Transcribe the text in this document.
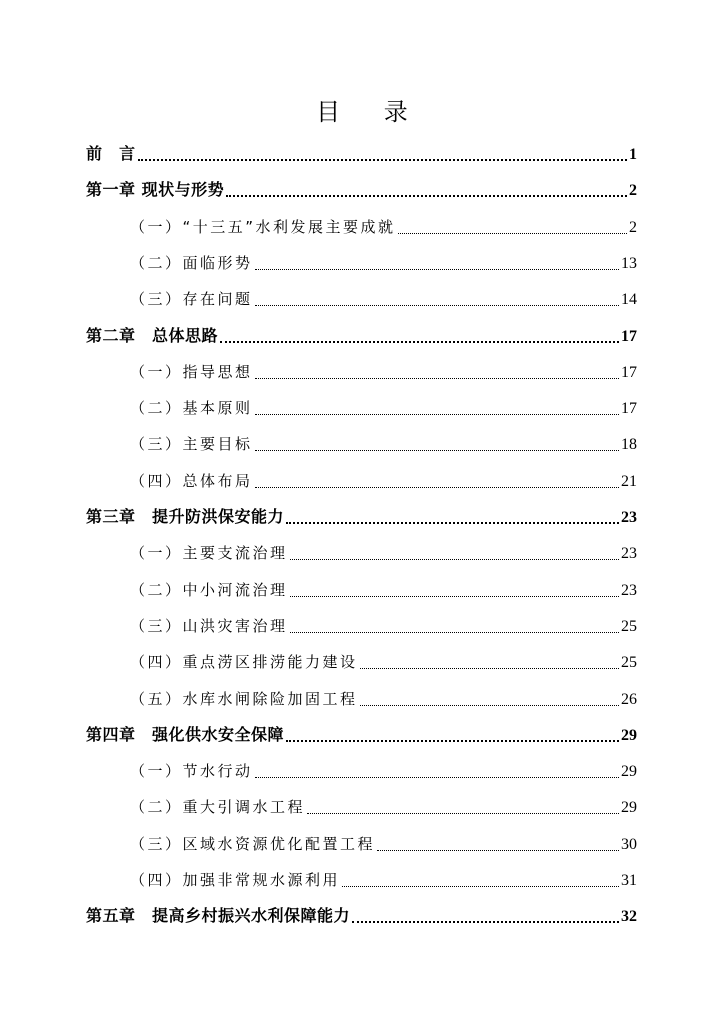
目 录
前　言	1
第一章 现状与形势	2
（一）“十三五”水利发展主要成就	2
（二）面临形势	13
（三）存在问题	14
第二章　总体思路	17
（一）指导思想	17
（二）基本原则	17
（三）主要目标	18
（四）总体布局	21
第三章　提升防洪保安能力	23
（一）主要支流治理	23
（二）中小河流治理	23
（三）山洪灾害治理	25
（四）重点涝区排涝能力建设	25
（五）水库水闸除险加固工程	26
第四章　强化供水安全保障	29
（一）节水行动	29
（二）重大引调水工程	29
（三）区域水资源优化配置工程	30
（四）加强非常规水源利用	31
第五章　提高乡村振兴水利保障能力	32
